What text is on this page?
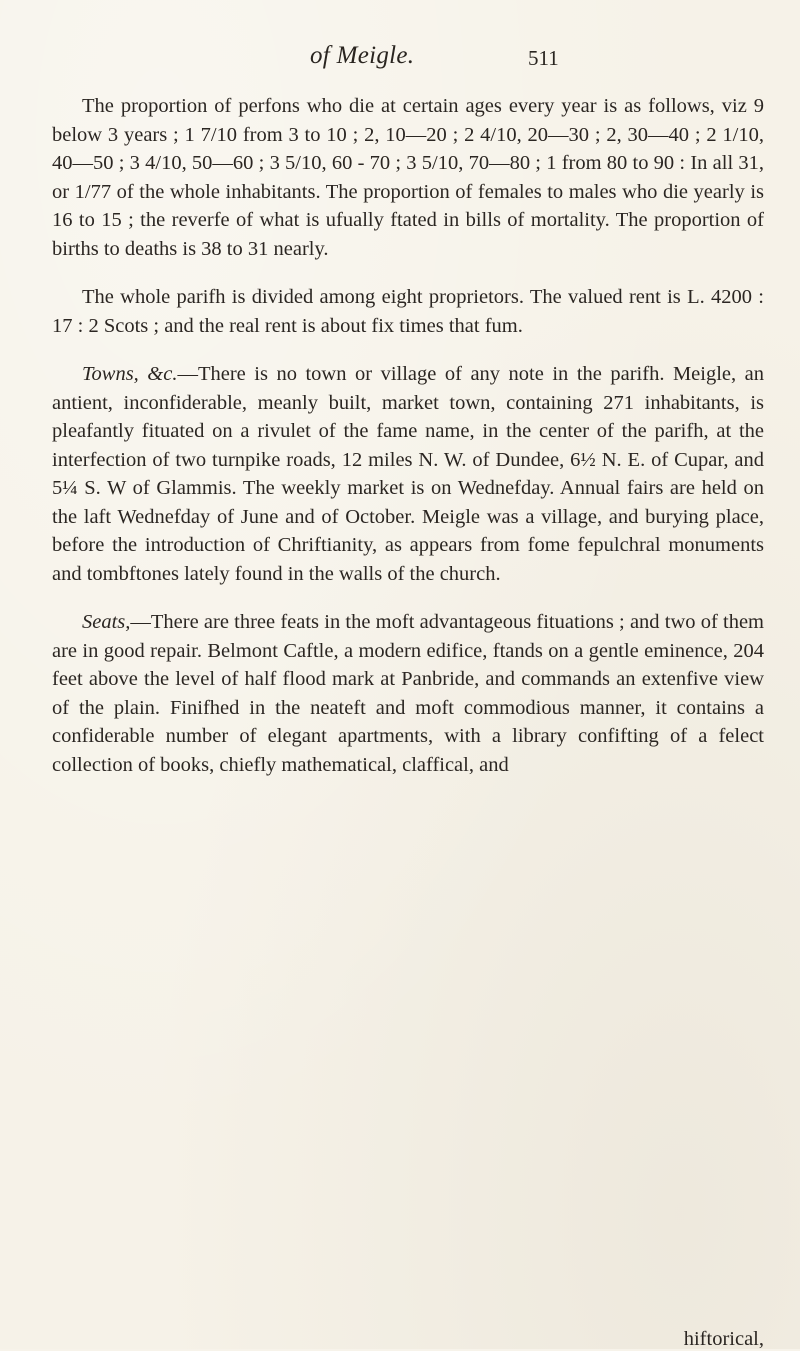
of Meigle.	511

The proportion of perfons who die at certain ages every year is as follows, viz 9 below 3 years ; 1 7/10 from 3 to 10 ; 2, 10—20 ; 2 4/10, 20—30 ; 2, 30—40 ; 2 1/10, 40—50 ; 3 4/10, 50—60 ; 3 5/10, 60 - 70 ; 3 5/10, 70—80 ; 1 from 80 to 90 : In all 31, or 1/77 of the whole inhabitants. The proportion of females to males who die yearly is 16 to 15 ; the reverfe of what is ufually ftated in bills of mortality. The proportion of births to deaths is 38 to 31 nearly.

The whole parifh is divided among eight proprietors. The valued rent is L. 4200 : 17 : 2 Scots ; and the real rent is about fix times that fum.

Towns, &c.—There is no town or village of any note in the parifh. Meigle, an antient, inconfiderable, meanly built, market town, containing 271 inhabitants, is pleafantly fituated on a rivulet of the fame name, in the center of the parifh, at the interfection of two turnpike roads, 12 miles N. W. of Dundee, 6½ N. E. of Cupar, and 5¼ S. W of Glammis. The weekly market is on Wednefday. Annual fairs are held on the laft Wednefday of June and of October. Meigle was a village, and burying place, before the introduction of Chriftianity, as appears from fome fepulchral monuments and tombftones lately found in the walls of the church.

Seats,—There are three feats in the moft advantageous fituations ; and two of them are in good repair. Belmont Caftle, a modern edifice, ftands on a gentle eminence, 204 feet above the level of half flood mark at Panbride, and commands an extenfive view of the plain. Finifhed in the neateft and moft commodious manner, it contains a confiderable number of elegant apartments, with a library confifting of a felect collection of books, chiefly mathematical, claffical, and

hiftorical,
